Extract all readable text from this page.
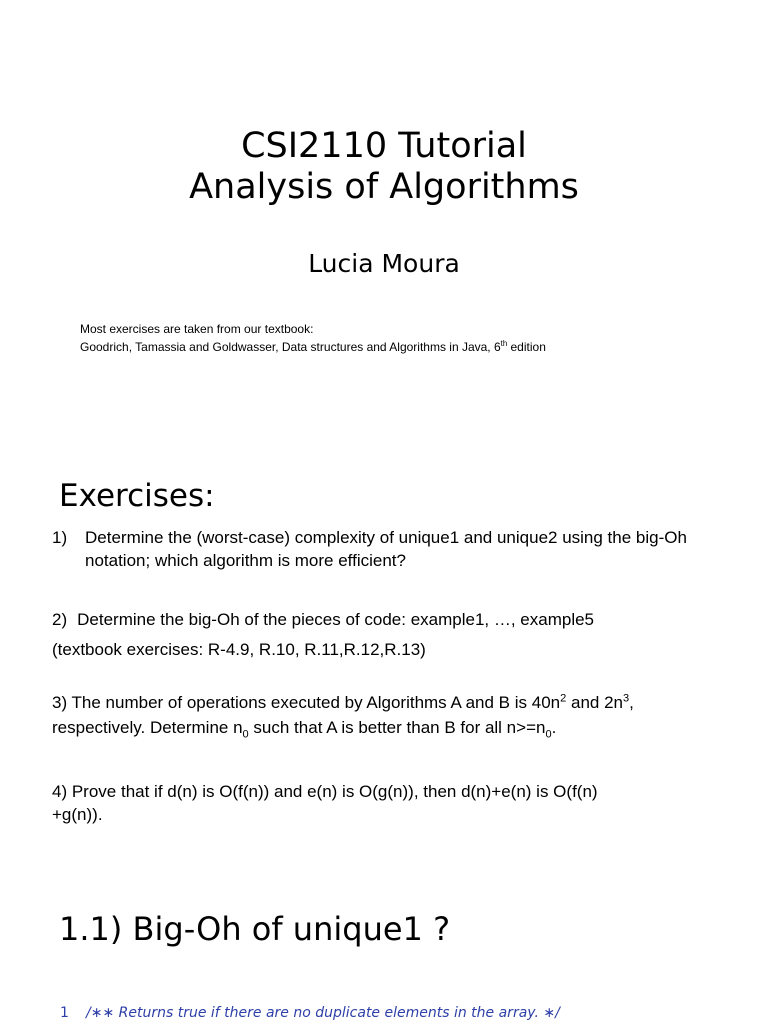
CSI2110 Tutorial
Analysis of Algorithms
Lucia Moura
Most exercises are taken from our textbook:
Goodrich, Tamassia and Goldwasser, Data structures and Algorithms in Java, 6th edition
Exercises:
1) Determine the (worst-case) complexity of unique1 and unique2 using the big-Oh notation; which algorithm is more efficient?
2) Determine the big-Oh of the pieces of code: example1, …, example5
(textbook exercises: R-4.9, R.10, R.11,R.12,R.13)
3) The number of operations executed by Algorithms A and B is $40n^2$ and $2n^3$,
respectively. Determine $n_0$ such that A is better than B for all $n>=n_0$.
4) Prove that if d(n) is O(f(n)) and e(n) is O(g(n)), then d(n)+e(n) is O(f(n)
+g(n)).
1.1) Big-Oh of unique1 ?
1 /∗∗ Returns true if there are no duplicate elements in the array. ∗/
